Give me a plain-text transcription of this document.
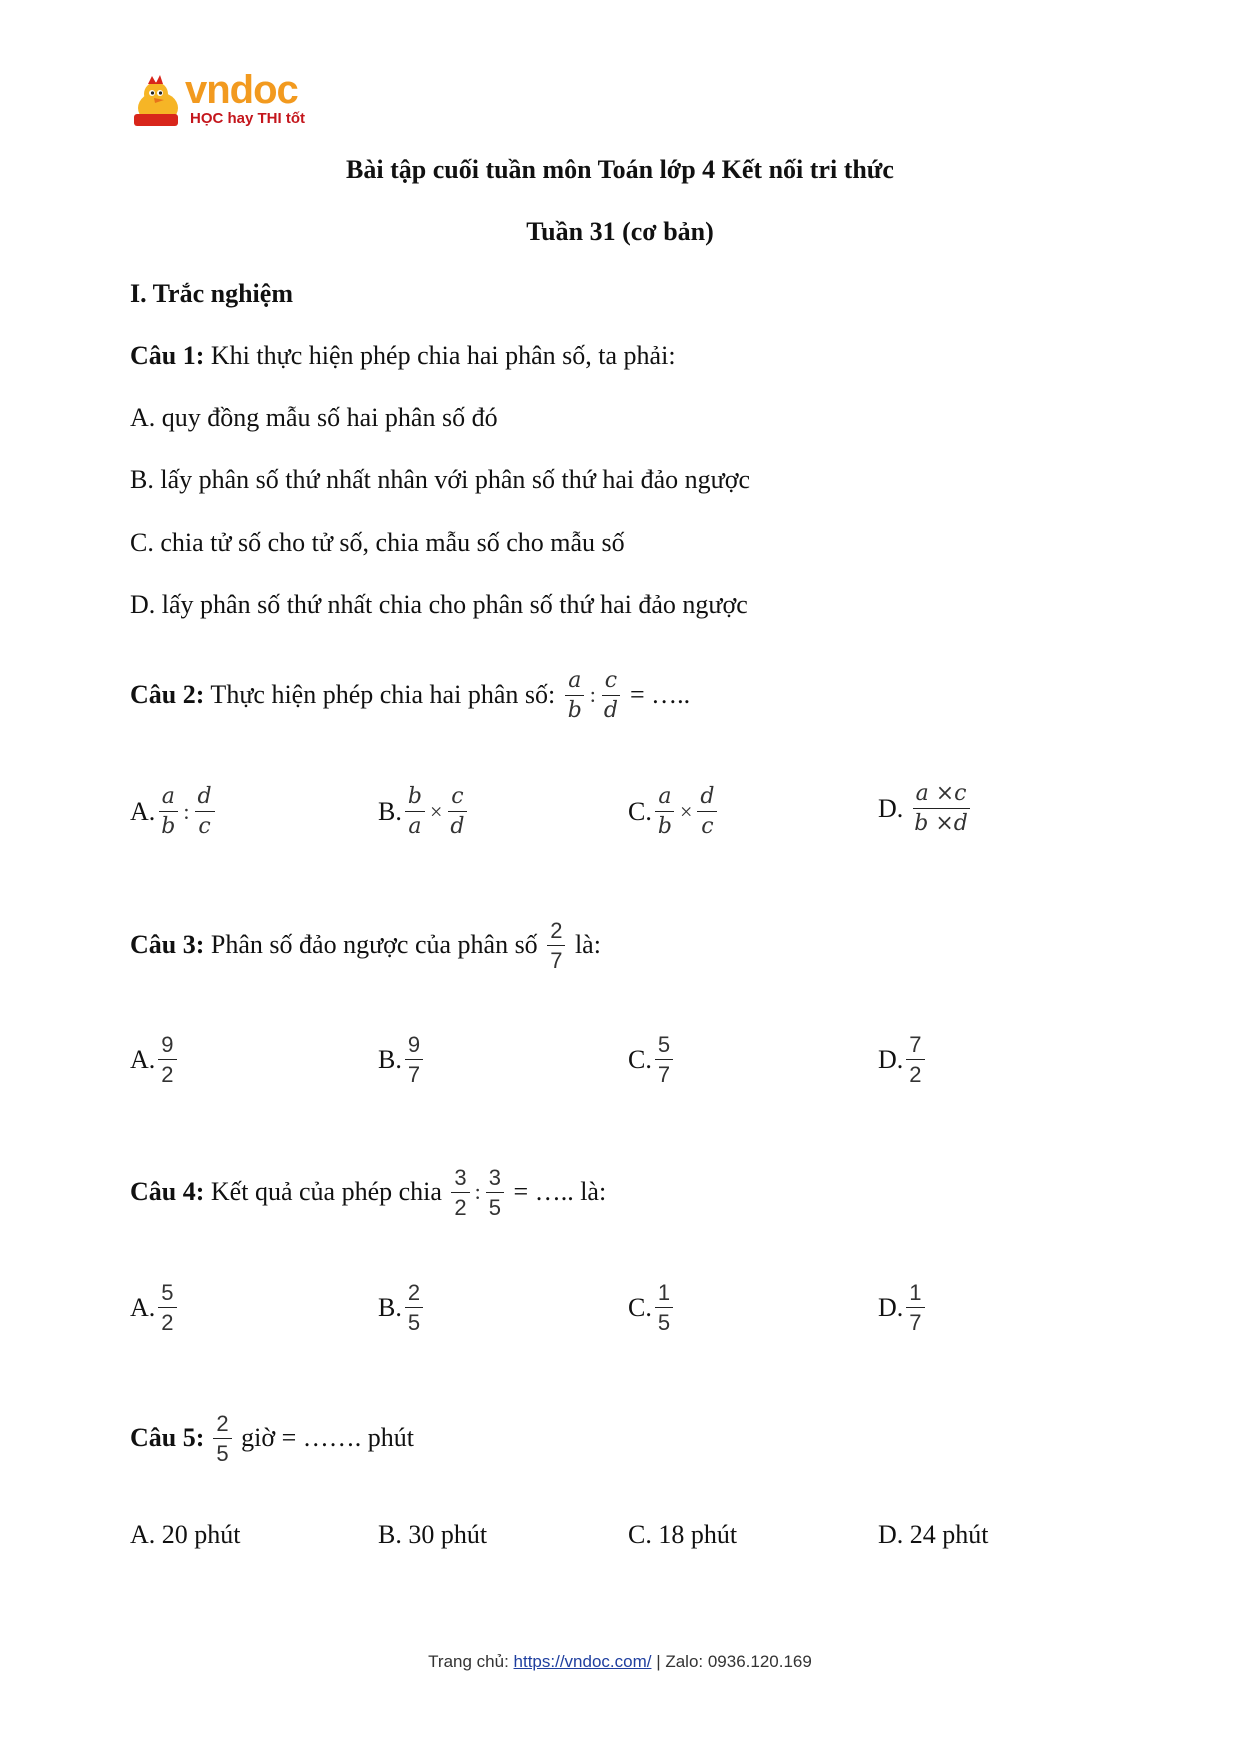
vndoc
HỌC hay THI tốt
Bài tập cuối tuần môn Toán lớp 4 Kết nối tri thức
Tuần 31 (cơ bản)
I. Trắc nghiệm
Câu 1: Khi thực hiện phép chia hai phân số, ta phải:
A. quy đồng mẫu số hai phân số đó
B. lấy phân số thứ nhất nhân với phân số thứ hai đảo ngược
C. chia tử số cho tử số, chia mẫu số cho mẫu số
D. lấy phân số thứ nhất chia cho phân số thứ hai đảo ngược
Câu 2: Thực hiện phép chia hai phân số: $\frac{a}{b}$ : $\frac{c}{d}$ = …..
A. $\frac{a}{b}$ : $\frac{d}{c}$	B. $\frac{b}{a} \times \frac{c}{d}$	C. $\frac{a}{b} \times \frac{d}{c}$	D. $\frac{a \times c}{b \times d}$
Câu 3: Phân số đảo ngược của phân số $\frac{2}{7}$ là:
A. $\frac{9}{2}$	B. $\frac{9}{7}$	C. $\frac{5}{7}$	D. $\frac{7}{2}$
Câu 4: Kết quả của phép chia $\frac{3}{2}$ : $\frac{3}{5}$ = ….. là:
A. $\frac{5}{2}$	B. $\frac{2}{5}$	C. $\frac{1}{5}$	D. $\frac{1}{7}$
Câu 5: $\frac{2}{5}$ giờ = ……. phút
A. 20 phút	B. 30 phút	C. 18 phút	D. 24 phút
Trang chủ: https://vndoc.com/ | Zalo: 0936.120.169
